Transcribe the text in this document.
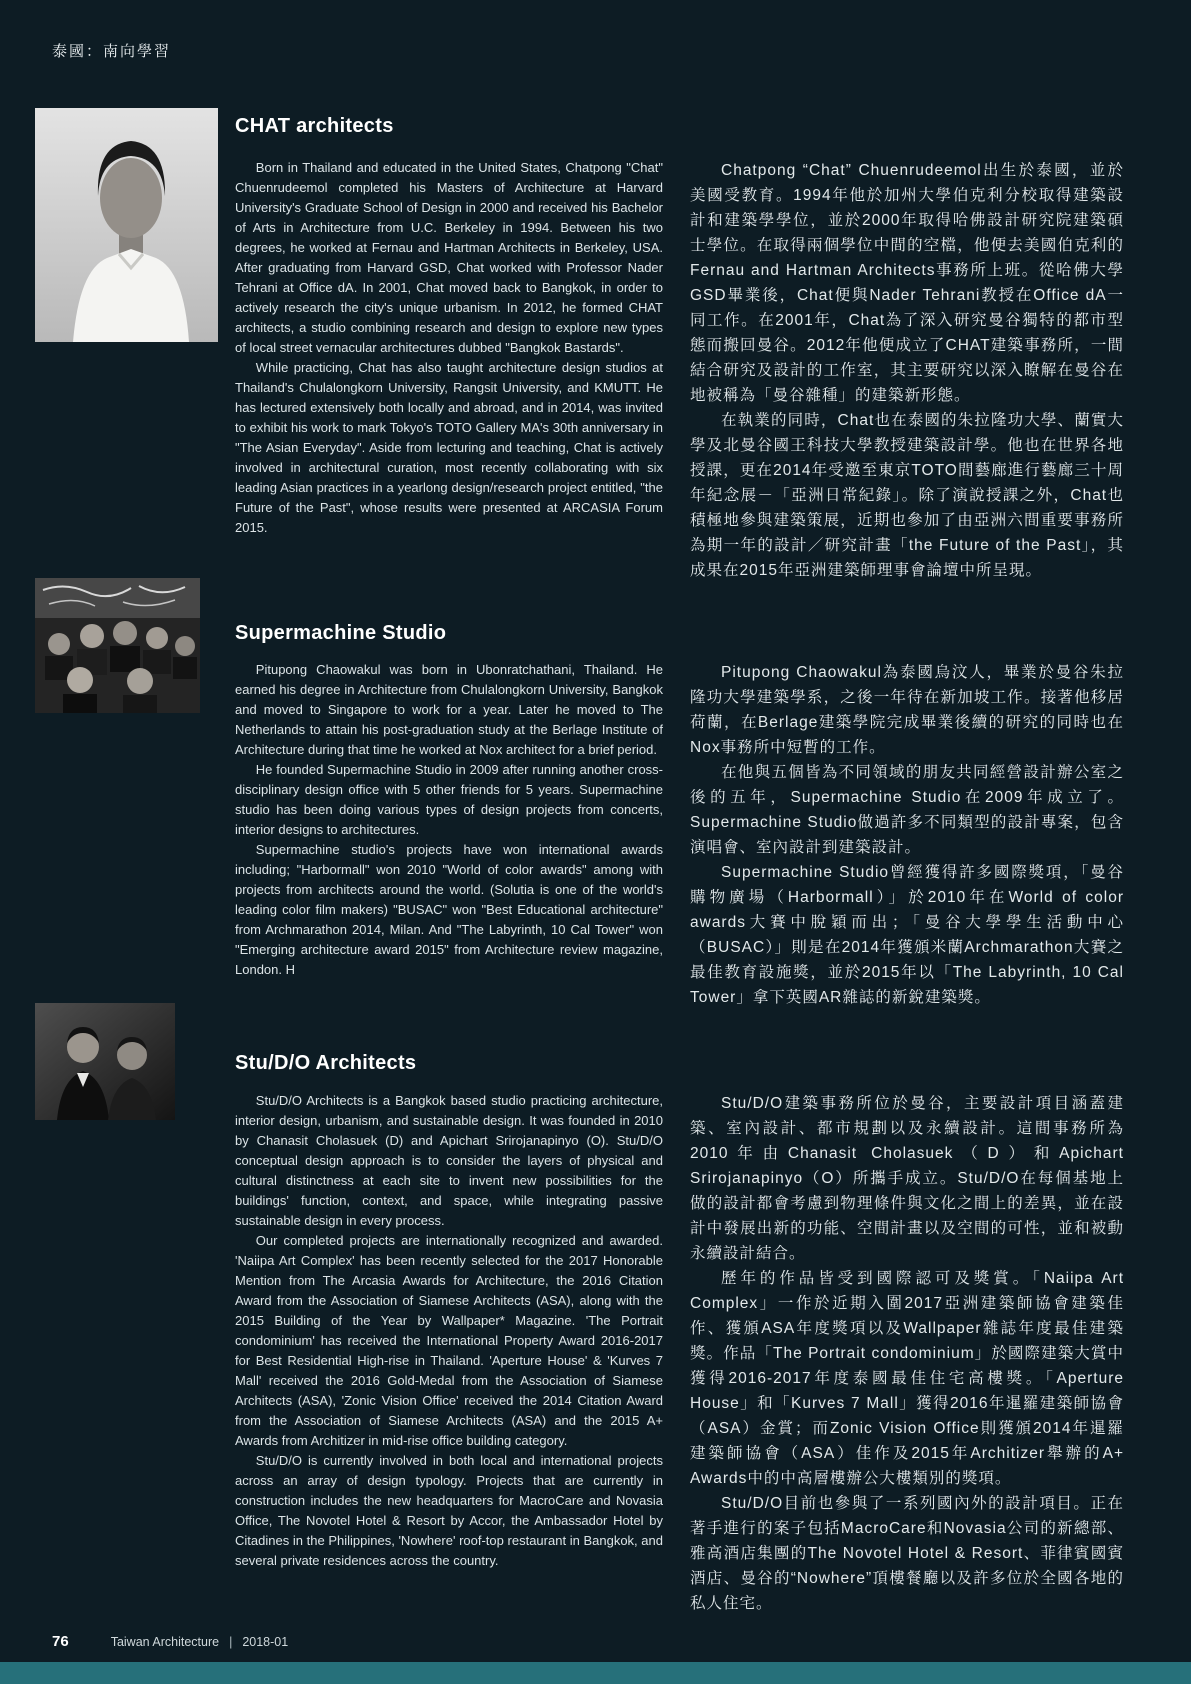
泰國：南向學習
CHAT architects

Born in Thailand and educated in the United States, Chatpong "Chat" Chuenrudeemol completed his Masters of Architecture at Harvard University's Graduate School of Design in 2000 and received his Bachelor of Arts in Architecture from U.C. Berkeley in 1994. Between his two degrees, he worked at Fernau and Hartman Architects in Berkeley, USA. After graduating from Harvard GSD, Chat worked with Professor Nader Tehrani at Office dA. In 2001, Chat moved back to Bangkok, in order to actively research the city's unique urbanism. In 2012, he formed CHAT architects, a studio combining research and design to explore new types of local street vernacular architectures dubbed "Bangkok Bastards".

While practicing, Chat has also taught architecture design studios at Thailand's Chulalongkorn University, Rangsit University, and KMUTT. He has lectured extensively both locally and abroad, and in 2014, was invited to exhibit his work to mark Tokyo's TOTO Gallery MA's 30th anniversary in "The Asian Everyday". Aside from lecturing and teaching, Chat is actively involved in architectural curation, most recently collaborating with six leading Asian practices in a yearlong design/research project entitled, "the Future of the Past", whose results were presented at ARCASIA Forum 2015.

Chatpong “Chat” Chuenrudeemol出生於泰國，並於美國受教育。1994年他於加州大學伯克利分校取得建築設計和建築學學位，並於2000年取得哈佛設計研究院建築碩士學位。在取得兩個學位中間的空檔，他便去美國伯克利的Fernau and Hartman Architects事務所上班。從哈佛大學GSD畢業後，Chat便與Nader Tehrani教授在Office dA一同工作。在2001年，Chat為了深入研究曼谷獨特的都市型態而搬回曼谷。2012年他便成立了CHAT建築事務所，一間結合研究及設計的工作室，其主要研究以深入瞭解在曼谷在地被稱為「曼谷雜種」的建築新形態。

在執業的同時，Chat也在泰國的朱拉隆功大學、蘭實大學及北曼谷國王科技大學教授建築設計學。他也在世界各地授課，更在2014年受邀至東京TOTO間藝廊進行藝廊三十周年紀念展－「亞洲日常紀錄」。除了演說授課之外，Chat也積極地參與建築策展，近期也參加了由亞洲六間重要事務所為期一年的設計／研究計畫「the Future of the Past」，其成果在2015年亞洲建築師理事會論壇中所呈現。

Supermachine Studio

Pitupong Chaowakul was born in Ubonratchathani, Thailand. He earned his degree in Architecture from Chulalongkorn University, Bangkok and moved to Singapore to work for a year. Later he moved to The Netherlands to attain his post-graduation study at the Berlage Institute of Architecture during that time he worked at Nox architect for a brief period.

He founded Supermachine Studio in 2009 after running another cross-disciplinary design office with 5 other friends for 5 years. Supermachine studio has been doing various types of design projects from concerts, interior designs to architectures.

Supermachine studio's projects have won international awards including; "Harbormall" won 2010 "World of color awards" among with projects from architects around the world. (Solutia is one of the world's leading color film makers) "BUSAC" won "Best Educational architecture" from Archmarathon 2014, Milan. And "The Labyrinth, 10 Cal Tower" won "Emerging architecture award 2015" from Architecture review magazine, London. H

Pitupong Chaowakul為泰國烏汶人，畢業於曼谷朱拉隆功大學建築學系，之後一年待在新加坡工作。接著他移居荷蘭，在Berlage建築學院完成畢業後續的研究的同時也在Nox事務所中短暫的工作。

在他與五個皆為不同領域的朋友共同經營設計辦公室之後的五年，Supermachine Studio在2009年成立了。Supermachine Studio做過許多不同類型的設計專案，包含演唱會、室內設計到建築設計。

Supermachine Studio曾經獲得許多國際獎項，「曼谷購物廣場（Harbormall）」於2010年在World of color awards大賽中脫穎而出；「曼谷大學學生活動中心（BUSAC）」則是在2014年獲頒米蘭Archmarathon大賽之最佳教育設施獎，並於2015年以「The Labyrinth, 10 Cal Tower」拿下英國AR雜誌的新銳建築獎。

Stu/D/O Architects

Stu/D/O Architects is a Bangkok based studio practicing architecture, interior design, urbanism, and sustainable design. It was founded in 2010 by Chanasit Cholasuek (D) and Apichart Srirojanapinyo (O). Stu/D/O conceptual design approach is to consider the layers of physical and cultural distinctness at each site to invent new possibilities for the buildings' function, context, and space, while integrating passive sustainable design in every process.

Our completed projects are internationally recognized and awarded. 'Naiipa Art Complex' has been recently selected for the 2017 Honorable Mention from The Arcasia Awards for Architecture, the 2016 Citation Award from the Association of Siamese Architects (ASA), along with the 2015 Building of the Year by Wallpaper* Magazine. 'The Portrait condominium' has received the International Property Award 2016-2017 for Best Residential High-rise in Thailand. 'Aperture House' & 'Kurves 7 Mall' received the 2016 Gold-Medal from the Association of Siamese Architects (ASA), 'Zonic Vision Office' received the 2014 Citation Award from the Association of Siamese Architects (ASA) and the 2015 A+ Awards from Architizer in mid-rise office building category.

Stu/D/O is currently involved in both local and international projects across an array of design typology. Projects that are currently in construction includes the new headquarters for MacroCare and Novasia Office, The Novotel Hotel & Resort by Accor, the Ambassador Hotel by Citadines in the Philippines, 'Nowhere' roof-top restaurant in Bangkok, and several private residences across the country.

Stu/D/O建築事務所位於曼谷，主要設計項目涵蓋建築、室內設計、都市規劃以及永續設計。這間事務所為2010年由Chanasit Cholasuek（D）和Apichart Srirojanapinyo（O）所攜手成立。Stu/D/O在每個基地上做的設計都會考慮到物理條件與文化之間上的差異，並在設計中發展出新的功能、空間計畫以及空間的可性，並和被動永續設計結合。

歷年的作品皆受到國際認可及獎賞。「Naiipa Art Complex」一作於近期入圍2017亞洲建築師協會建築佳作、獲頒ASA年度獎項以及Wallpaper雜誌年度最佳建築獎。作品「The Portrait condominium」於國際建築大賞中獲得2016-2017年度泰國最佳住宅高樓獎。「Aperture House」和「Kurves 7 Mall」獲得2016年暹羅建築師協會（ASA）金賞；而Zonic Vision Office則獲頒2014年暹羅建築師協會（ASA）佳作及2015年Architizer舉辦的A+ Awards中的中高層樓辦公大樓類別的獎項。

Stu/D/O目前也參與了一系列國內外的設計項目。正在著手進行的案子包括MacroCare和Novasia公司的新總部、雅高酒店集團的The Novotel Hotel & Resort、菲律賓國賓酒店、曼谷的“Nowhere”頂樓餐廳以及許多位於全國各地的私人住宅。

76	Taiwan Architecture | 2018-01
